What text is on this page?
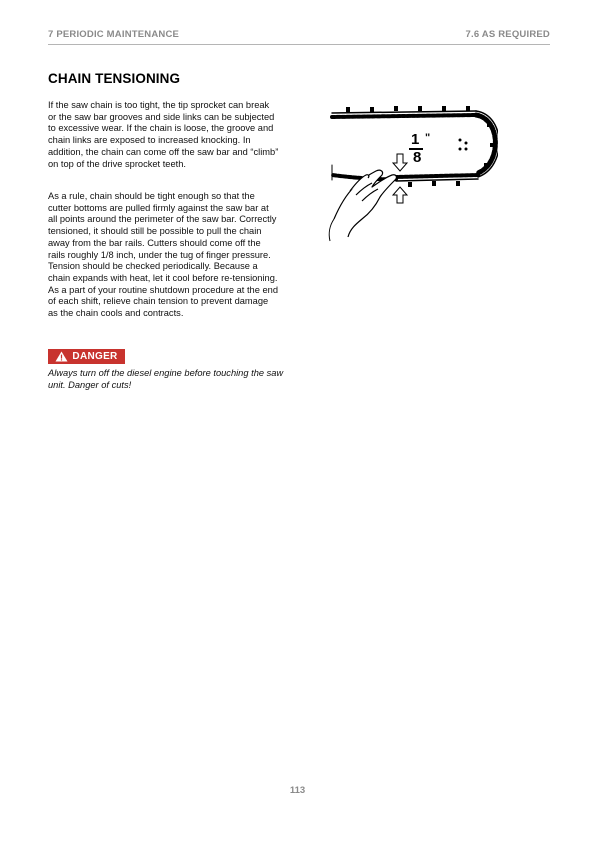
7 PERIODIC MAINTENANCE	7.6 AS REQUIRED
CHAIN TENSIONING

If the saw chain is too tight, the tip sprocket can break or the saw bar grooves and side links can be subjected to excessive wear. If the chain is loose, the groove and chain links are exposed to increased knocking. In addition, the chain can come off the saw bar and “climb” on top of the drive sprocket teeth.

As a rule, chain should be tight enough so that the cutter bottoms are pulled firmly against the saw bar at all points around the perimeter of the saw bar. Correctly tensioned, it should still be possible to pull the chain away from the bar rails. Cutters should come off the rails roughly 1/8 inch, under the tug of finger pressure. Tension should be checked periodically. Because a chain expands with heat, let it cool before re-tensioning. As a part of your routine shutdown procedure at the end of each shift, relieve chain tension to prevent damage as the chain cools and contracts.

DANGER

Always turn off the diesel engine before touching the saw unit. Danger of cuts!

1
8
"
113
